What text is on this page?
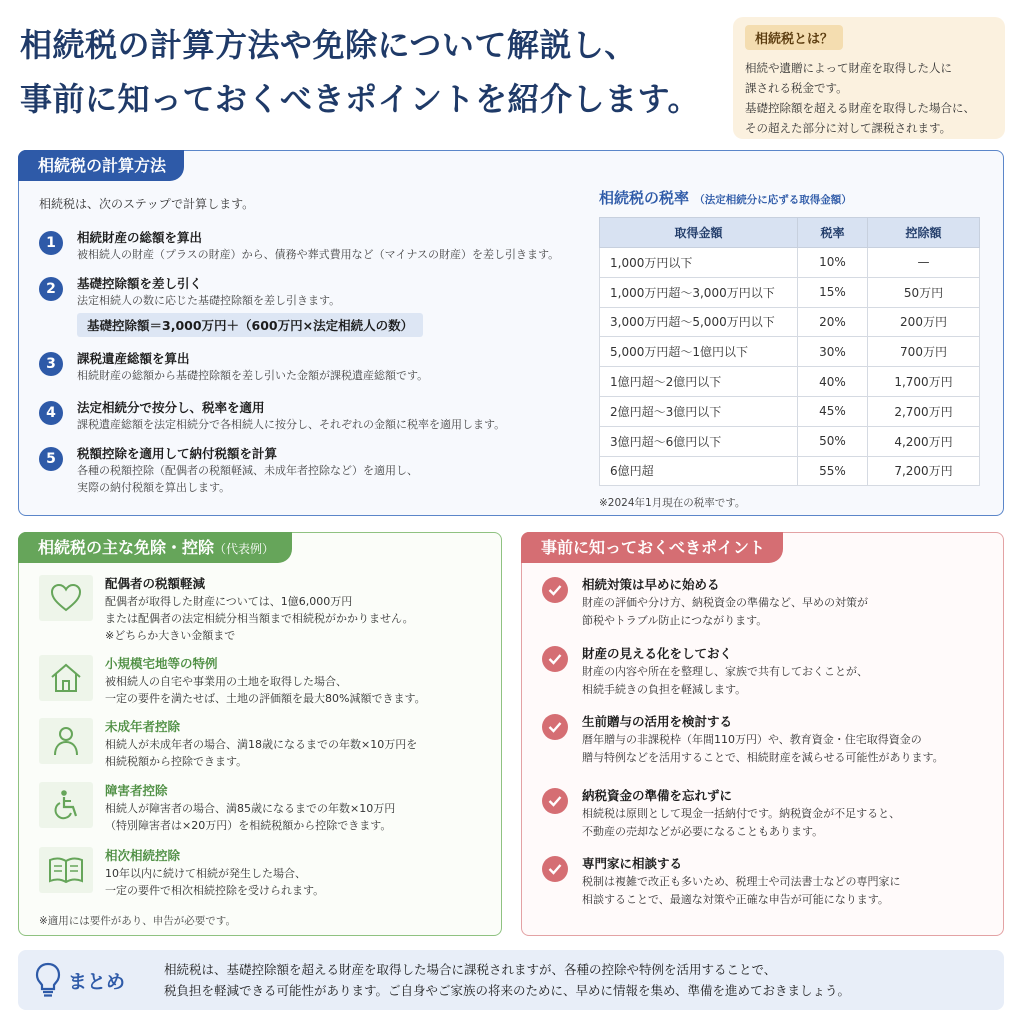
相続税の計算方法や免除について解説し、
事前に知っておくべきポイントを紹介します。
相続税とは？
相続や遺贈によって財産を取得した人に
課される税金です。
基礎控除額を超える財産を取得した場合に、
その超えた部分に対して課税されます。
相続税の計算方法
相続税は、次のステップで計算します。
1	相続財産の総額を算出
被相続人の財産（プラスの財産）から、債務や葬式費用など（マイナスの財産）を差し引きます。
2	基礎控除額を差し引く
法定相続人の数に応じた基礎控除額を差し引きます。
基礎控除額＝3,000万円＋（600万円×法定相続人の数）
3	課税遺産総額を算出
相続財産の総額から基礎控除額を差し引いた金額が課税遺産総額です。
4	法定相続分で按分し、税率を適用
課税遺産総額を法定相続分で各相続人に按分し、それぞれの金額に税率を適用します。
5	税額控除を適用して納付税額を計算
各種の税額控除（配偶者の税額軽減、未成年者控除など）を適用し、
実際の納付税額を算出します。
相続税の税率 （法定相続分に応ずる取得金額）
取得金額	税率	控除額
1,000万円以下	10%	—
1,000万円超～3,000万円以下	15%	50万円
3,000万円超～5,000万円以下	20%	200万円
5,000万円超～1億円以下	30%	700万円
1億円超～2億円以下	40%	1,700万円
2億円超～3億円以下	45%	2,700万円
3億円超～6億円以下	50%	4,200万円
6億円超	55%	7,200万円
※2024年1月現在の税率です。
相続税の主な免除・控除（代表例）
配偶者の税額軽減
配偶者が取得した財産については、1億6,000万円
または配偶者の法定相続分相当額まで相続税がかかりません。
※どちらか大きい金額まで
小規模宅地等の特例
被相続人の自宅や事業用の土地を取得した場合、
一定の要件を満たせば、土地の評価額を最大80%減額できます。
未成年者控除
相続人が未成年者の場合、満18歳になるまでの年数×10万円を
相続税額から控除できます。
障害者控除
相続人が障害者の場合、満85歳になるまでの年数×10万円
（特別障害者は×20万円）を相続税額から控除できます。
相次相続控除
10年以内に続けて相続が発生した場合、
一定の要件で相次相続控除を受けられます。
※適用には要件があり、申告が必要です。
事前に知っておくべきポイント
相続対策は早めに始める
財産の評価や分け方、納税資金の準備など、早めの対策が
節税やトラブル防止につながります。
財産の見える化をしておく
財産の内容や所在を整理し、家族で共有しておくことが、
相続手続きの負担を軽減します。
生前贈与の活用を検討する
暦年贈与の非課税枠（年間110万円）や、教育資金・住宅取得資金の
贈与特例などを活用することで、相続財産を減らせる可能性があります。
納税資金の準備を忘れずに
相続税は原則として現金一括納付です。納税資金が不足すると、
不動産の売却などが必要になることもあります。
専門家に相談する
税制は複雑で改正も多いため、税理士や司法書士などの専門家に
相談することで、最適な対策や正確な申告が可能になります。
まとめ
相続税は、基礎控除額を超える財産を取得した場合に課税されますが、各種の控除や特例を活用することで、
税負担を軽減できる可能性があります。ご自身やご家族の将来のために、早めに情報を集め、準備を進めておきましょう。
